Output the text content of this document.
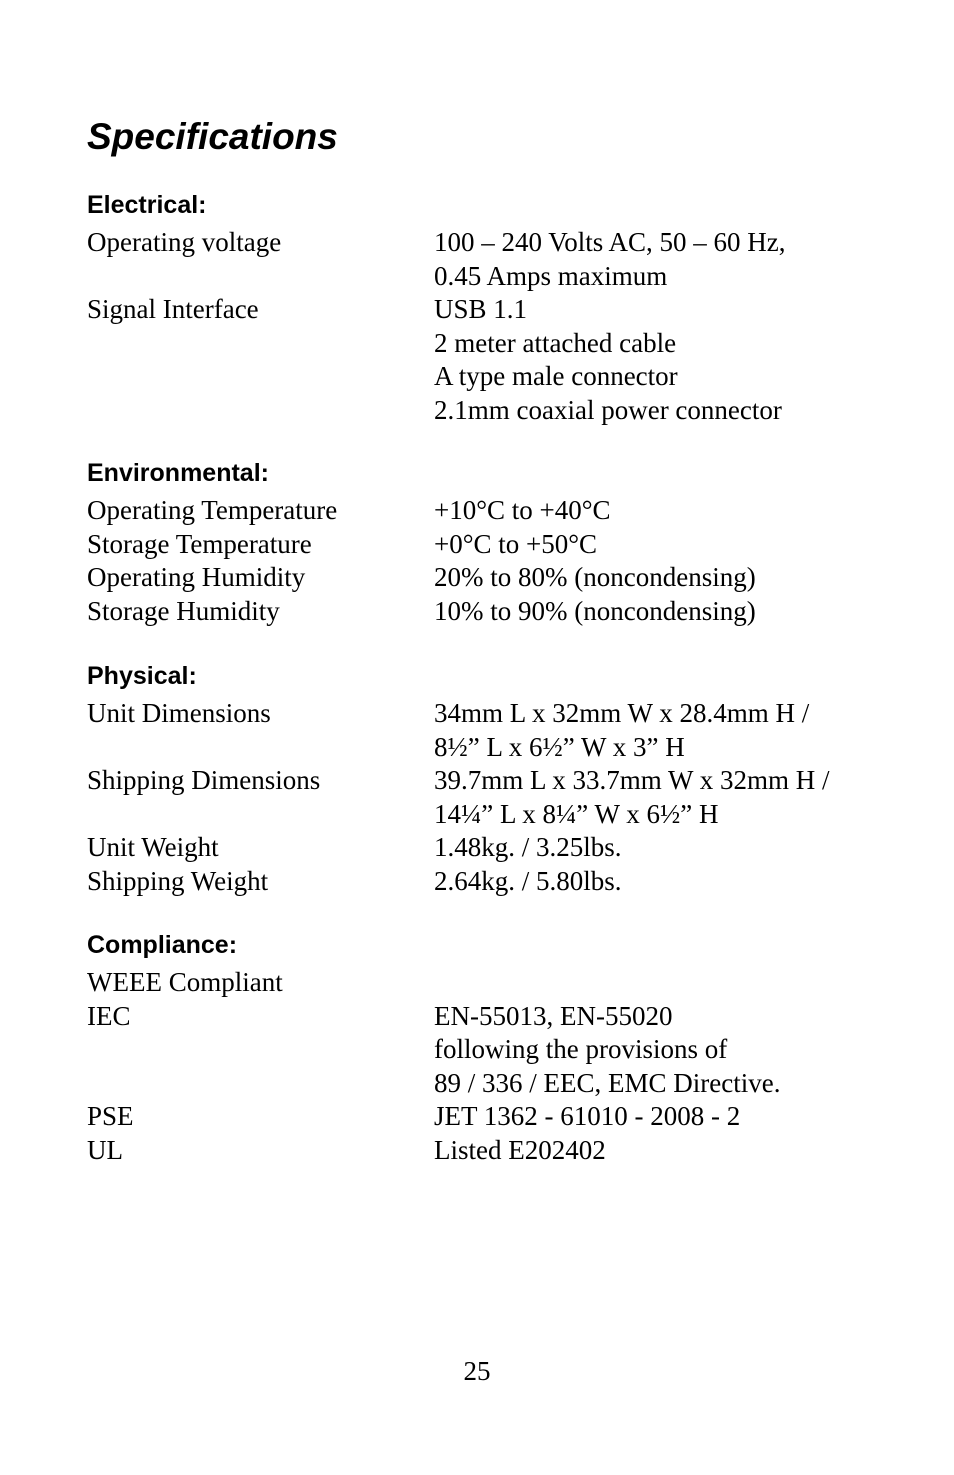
Specifications
Electrical:
Operating voltage	100 – 240 Volts AC, 50 – 60 Hz,
0.45 Amps maximum
Signal Interface	USB 1.1
2 meter attached cable
A type male connector
2.1mm coaxial power connector
Environmental:
Operating Temperature	+10°C to +40°C
Storage Temperature	+0°C to +50°C
Operating Humidity	20% to 80% (noncondensing)
Storage Humidity	10% to 90% (noncondensing)
Physical:
Unit Dimensions	34mm L x 32mm W x 28.4mm H /
8½” L x 6½” W x 3” H
Shipping Dimensions	39.7mm L x 33.7mm W x 32mm H /
14¼” L x 8¼” W x 6½” H
Unit Weight	1.48kg. / 3.25lbs.
Shipping Weight	2.64kg. / 5.80lbs.
Compliance:
WEEE Compliant
IEC	EN-55013, EN-55020
following the provisions of
89 / 336 / EEC, EMC Directive.
PSE	JET 1362 - 61010 - 2008 - 2
UL	Listed E202402
25
